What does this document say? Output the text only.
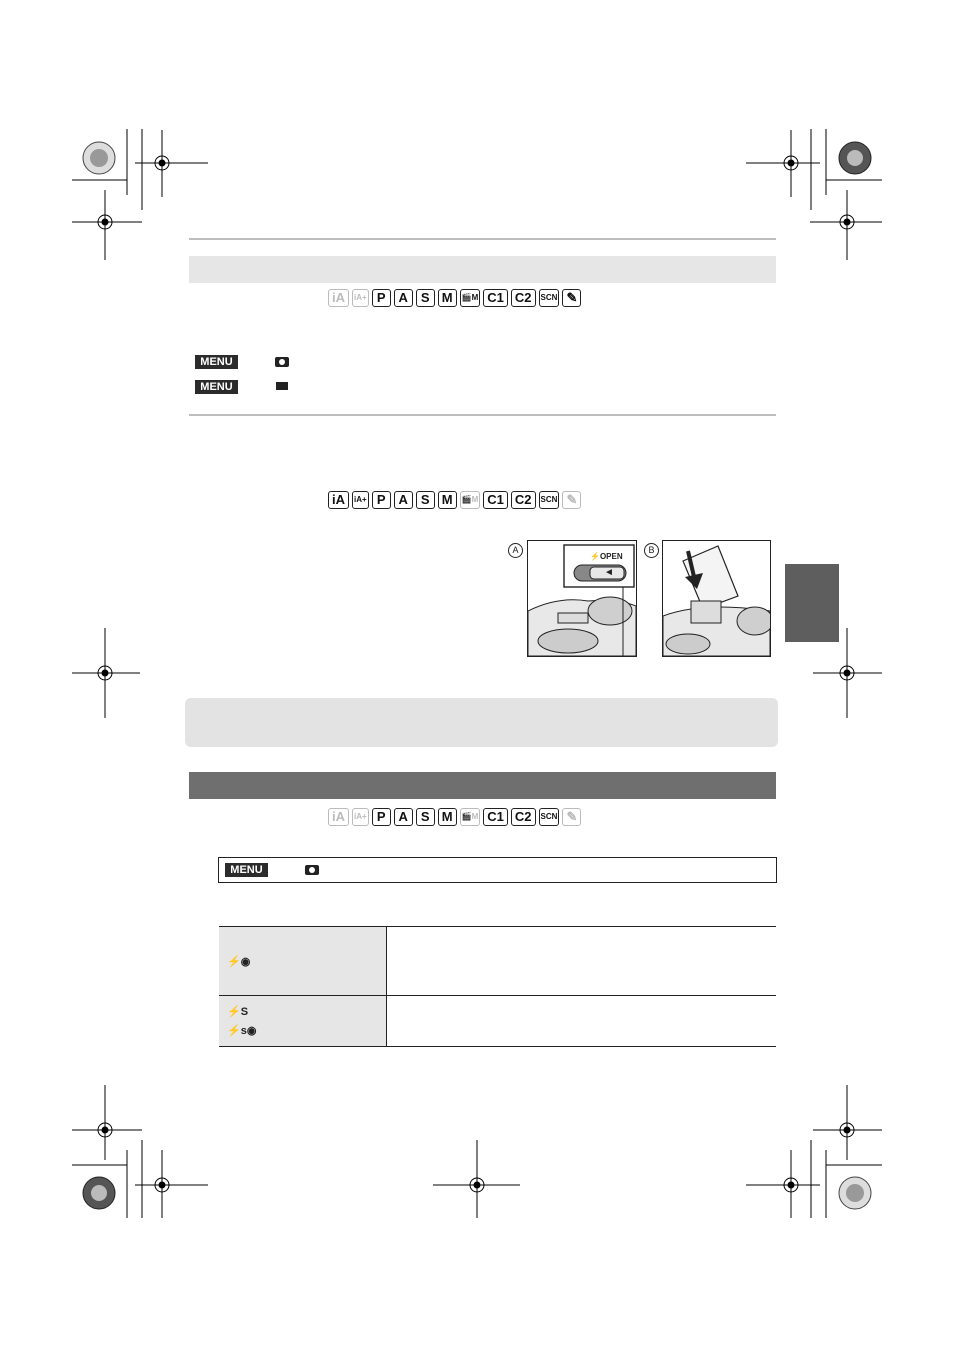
iA	iA+ P A S M	🎬M C1 C2	SCN ✎
MENU
MENU
iA	iA+ P A S M	🎬M C1 C2	SCN ✎
A
⚡OPEN
◄
B
iA	iA+ P A S M	🎬M C1 C2	SCN ✎
MENU
⚡◉	

⚡S
⚡s◉	
